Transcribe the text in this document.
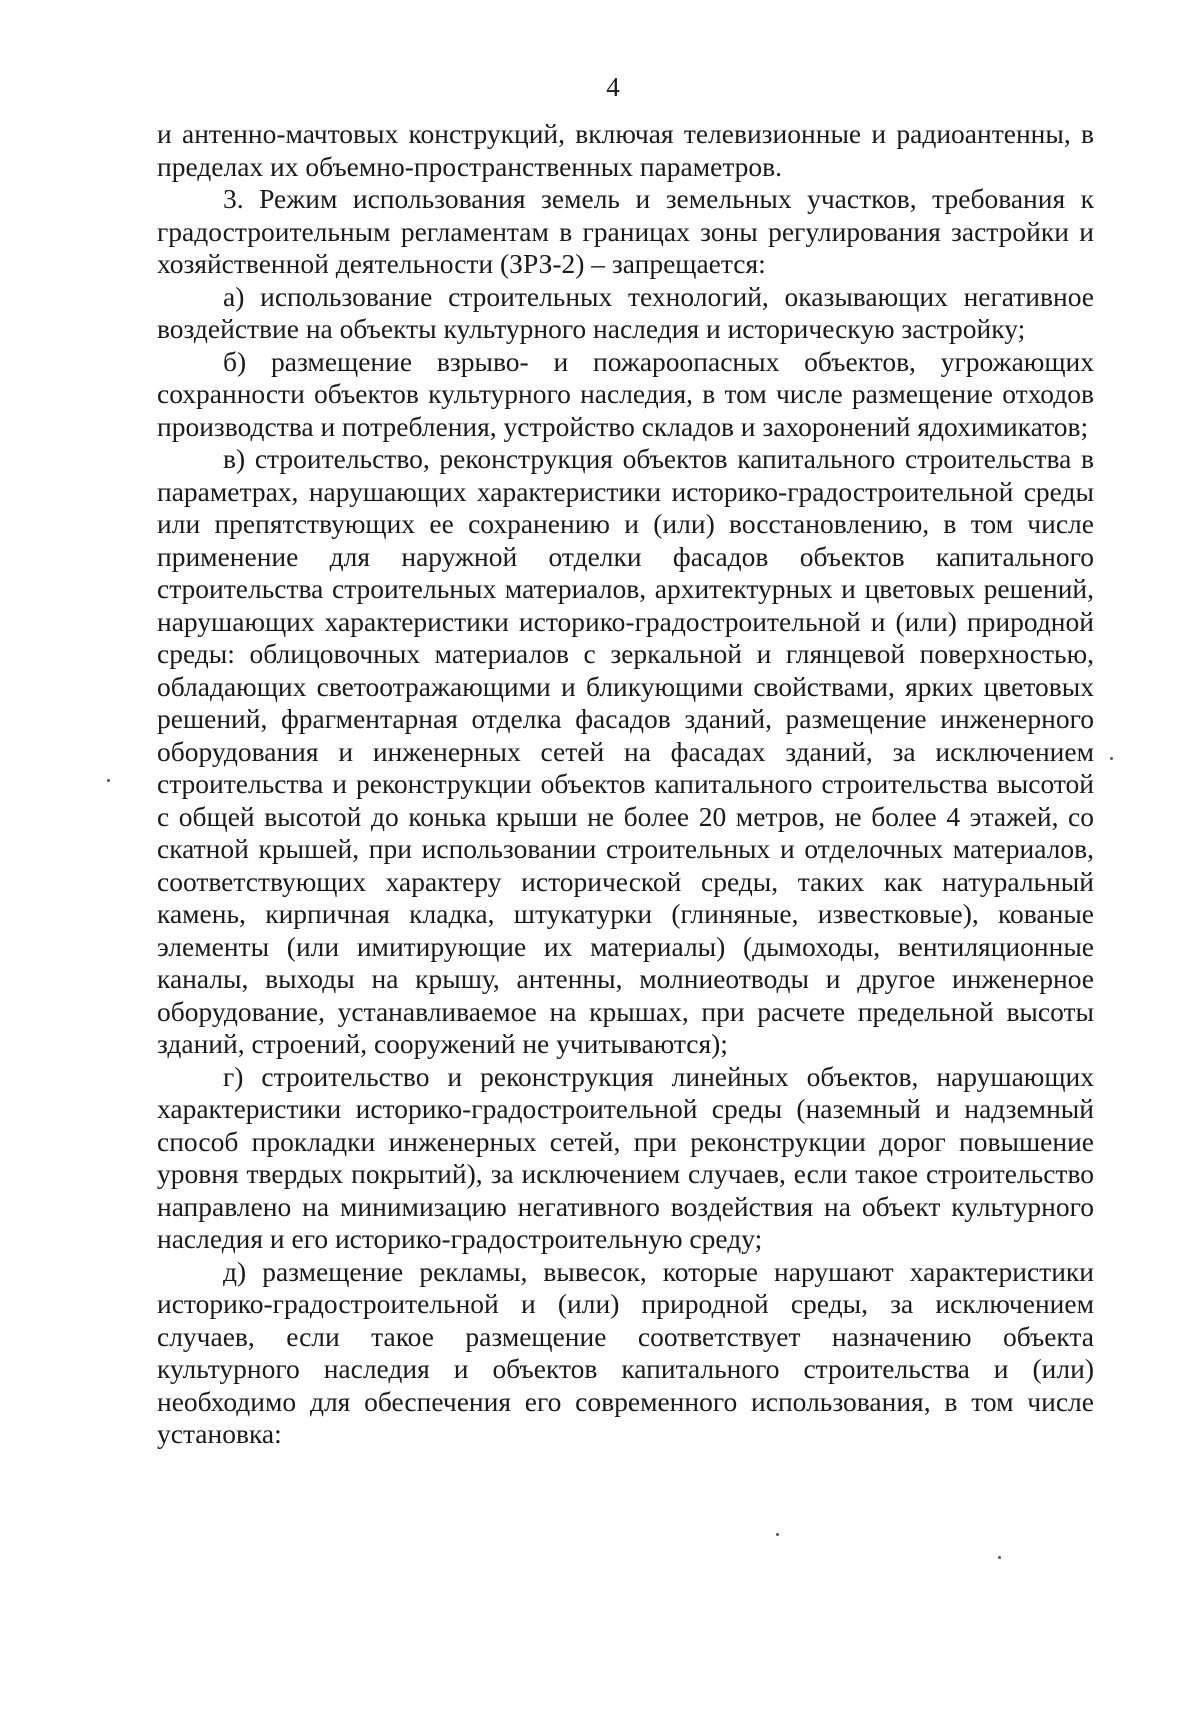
4

и антенно-мачтовых конструкций, включая телевизионные и радиоантенны, в пределах их объемно-пространственных параметров.

3. Режим использования земель и земельных участков, требования к градостроительным регламентам в границах зоны регулирования застройки и хозяйственной деятельности (ЗРЗ-2) – запрещается:

а) использование строительных технологий, оказывающих негативное воздействие на объекты культурного наследия и историческую застройку;

б) размещение взрыво- и пожароопасных объектов, угрожающих сохранности объектов культурного наследия, в том числе размещение отходов производства и потребления, устройство складов и захоронений ядохимикатов;

в) строительство, реконструкция объектов капитального строительства в параметрах, нарушающих характеристики историко-градостроительной среды или препятствующих ее сохранению и (или) восстановлению, в том числе применение для наружной отделки фасадов объектов капитального строительства строительных материалов, архитектурных и цветовых решений, нарушающих характеристики историко-градостроительной и (или) природной среды: облицовочных материалов с зеркальной и глянцевой поверхностью, обладающих светоотражающими и бликующими свойствами, ярких цветовых решений, фрагментарная отделка фасадов зданий, размещение инженерного оборудования и инженерных сетей на фасадах зданий, за исключением строительства и реконструкции объектов капитального строительства высотой с общей высотой до конька крыши не более 20 метров, не более 4 этажей, со скатной крышей, при использовании строительных и отделочных материалов, соответствующих характеру исторической среды, таких как натуральный камень, кирпичная кладка, штукатурки (глиняные, известковые), кованые элементы (или имитирующие их материалы) (дымоходы, вентиляционные каналы, выходы на крышу, антенны, молниеотводы и другое инженерное оборудование, устанавливаемое на крышах, при расчете предельной высоты зданий, строений, сооружений не учитываются);

г) строительство и реконструкция линейных объектов, нарушающих характеристики историко-градостроительной среды (наземный и надземный способ прокладки инженерных сетей, при реконструкции дорог повышение уровня твердых покрытий), за исключением случаев, если такое строительство направлено на минимизацию негативного воздействия на объект культурного наследия и его историко-градостроительную среду;

д) размещение рекламы, вывесок, которые нарушают характеристики историко-градостроительной и (или) природной среды, за исключением случаев, если такое размещение соответствует назначению объекта культурного наследия и объектов капитального строительства и (или) необходимо для обеспечения его современного использования, в том числе установка:
